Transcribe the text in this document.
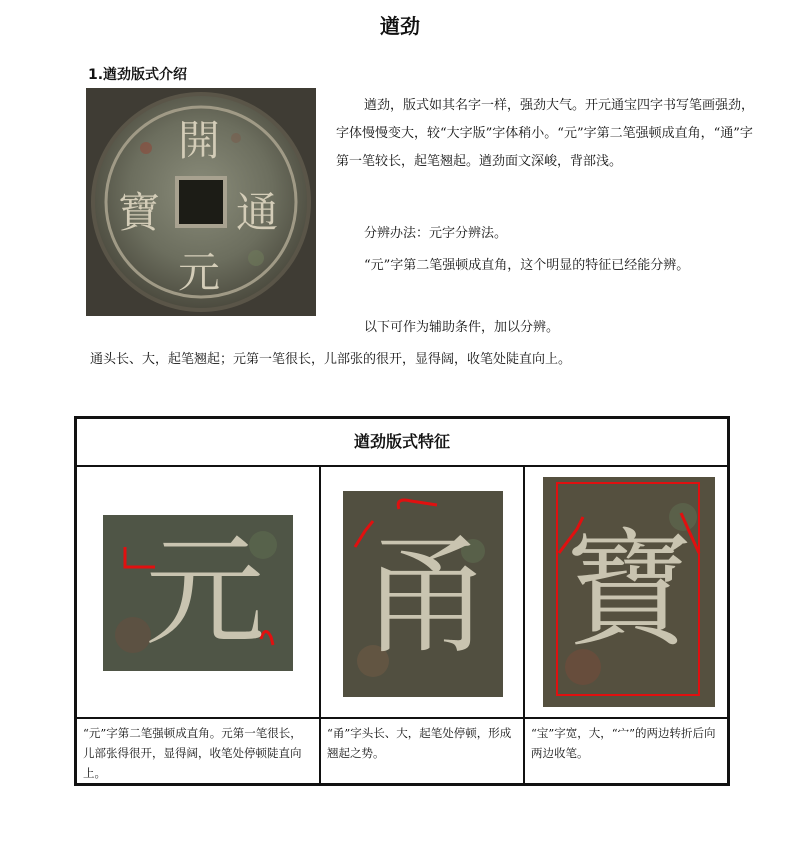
遒劲
1.遒劲版式介绍
開
通
元
寶

遒劲，版式如其名字一样，强劲大气。开元通宝四字书写笔画强劲，字体慢慢变大，较“大字版”字体稍小。“元”字第二笔强顿成直角，“通”字第一笔较长，起笔翘起。遒劲面文深峻，背部浅。

分辨办法：元字分辨法。

“元”字第二笔强顿成直角，这个明显的特征已经能分辨。

以下可作为辅助条件，加以分辨。

通头长、大，起笔翘起；元第一笔很长，儿部张的很开，显得阔，收笔处陡直向上。

遒劲版式特征
元
“元”字第二笔强顿成直角。元第一笔很长，儿部张得很开，显得阔，收笔处停顿陡直向上。
甬
“甬”字头长、大，起笔处停顿，形成翘起之势。
寶
“宝”字宽，大，“宀”的两边转折后向两边收笔。
